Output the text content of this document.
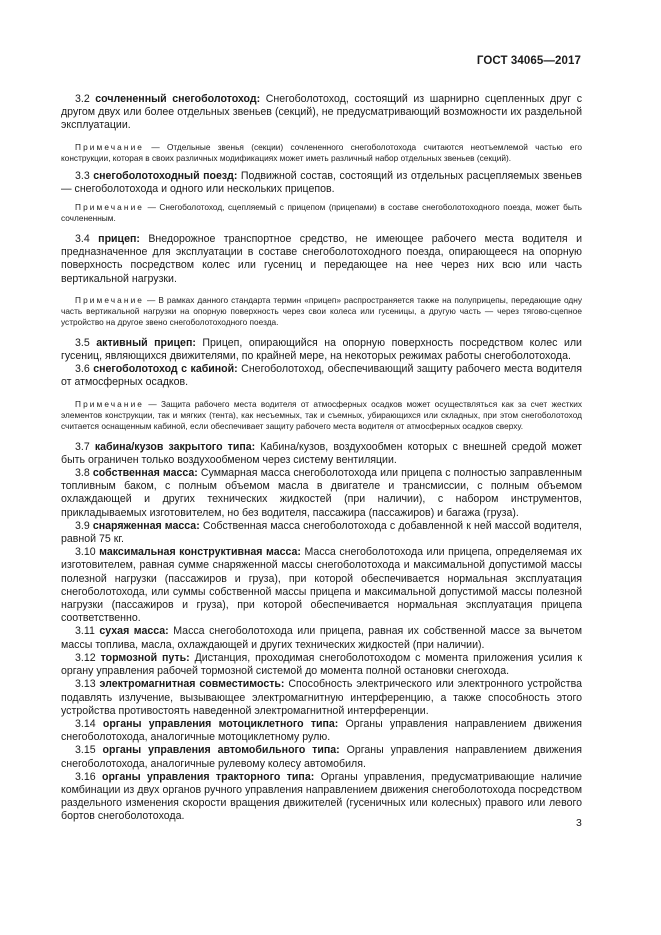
ГОСТ 34065—2017

3.2 сочлененный снегоболотоход: Снегоболотоход, состоящий из шарнирно сцепленных друг с другом двух или более отдельных звеньев (секций), не предусматривающий возможности их раздельной эксплуатации.

Примечание — Отдельные звенья (секции) сочлененного снегоболотохода считаются неотъемлемой частью его конструкции, которая в своих различных модификациях может иметь различный набор отдельных звеньев (секций).

3.3 снегоболотоходный поезд: Подвижной состав, состоящий из отдельных расцепляемых звеньев — снегоболотохода и одного или нескольких прицепов.

Примечание — Снегоболотоход, сцепляемый с прицепом (прицепами) в составе снегоболотоходного поезда, может быть сочлененным.

3.4 прицеп: Внедорожное транспортное средство, не имеющее рабочего места водителя и предназначенное для эксплуатации в составе снегоболотоходного поезда, опирающееся на опорную поверхность посредством колес или гусениц и передающее на нее через них всю или часть вертикальной нагрузки.

Примечание — В рамках данного стандарта термин «прицеп» распространяется также на полуприцепы, передающие одну часть вертикальной нагрузки на опорную поверхность через свои колеса или гусеницы, а другую часть — через тягово-сцепное устройство на другое звено снегоболотоходного поезда.

3.5 активный прицеп: Прицеп, опирающийся на опорную поверхность посредством колес или гусениц, являющихся движителями, по крайней мере, на некоторых режимах работы снегоболотохода.

3.6 снегоболотоход с кабиной: Снегоболотоход, обеспечивающий защиту рабочего места водителя от атмосферных осадков.

Примечание — Защита рабочего места водителя от атмосферных осадков может осуществляться как за счет жестких элементов конструкции, так и мягких (тента), как несъемных, так и съемных, убирающихся или складных, при этом снегоболотоход считается оснащенным кабиной, если обеспечивает защиту рабочего места водителя от атмосферных осадков сверху.

3.7 кабина/кузов закрытого типа: Кабина/кузов, воздухообмен которых с внешней средой может быть ограничен только воздухообменом через систему вентиляции.

3.8 собственная масса: Суммарная масса снегоболотохода или прицепа с полностью заправленным топливным баком, с полным объемом масла в двигателе и трансмиссии, с полным объемом охлаждающей и других технических жидкостей (при наличии), с набором инструментов, прикладываемых изготовителем, но без водителя, пассажира (пассажиров) и багажа (груза).

3.9 снаряженная масса: Собственная масса снегоболотохода с добавленной к ней массой водителя, равной 75 кг.

3.10 максимальная конструктивная масса: Масса снегоболотохода или прицепа, определяемая их изготовителем, равная сумме снаряженной массы снегоболотохода и максимальной допустимой массы полезной нагрузки (пассажиров и груза), при которой обеспечивается нормальная эксплуатация снегоболотохода, или суммы собственной массы прицепа и максимальной допустимой массы полезной нагрузки (пассажиров и груза), при которой обеспечивается нормальная эксплуатация прицепа соответственно.

3.11 сухая масса: Масса снегоболотохода или прицепа, равная их собственной массе за вычетом массы топлива, масла, охлаждающей и других технических жидкостей (при наличии).

3.12 тормозной путь: Дистанция, проходимая снегоболотоходом с момента приложения усилия к органу управления рабочей тормозной системой до момента полной остановки снегохода.

3.13 электромагнитная совместимость: Способность электрического или электронного устройства подавлять излучение, вызывающее электромагнитную интерференцию, а также способность этого устройства противостоять наведенной электромагнитной интерференции.

3.14 органы управления мотоциклетного типа: Органы управления направлением движения снегоболотохода, аналогичные мотоциклетному рулю.

3.15 органы управления автомобильного типа: Органы управления направлением движения снегоболотохода, аналогичные рулевому колесу автомобиля.

3.16 органы управления тракторного типа: Органы управления, предусматривающие наличие комбинации из двух органов ручного управления направлением движения снегоболотохода посредством раздельного изменения скорости вращения движителей (гусеничных или колесных) правого или левого бортов снегоболотохода.

3
